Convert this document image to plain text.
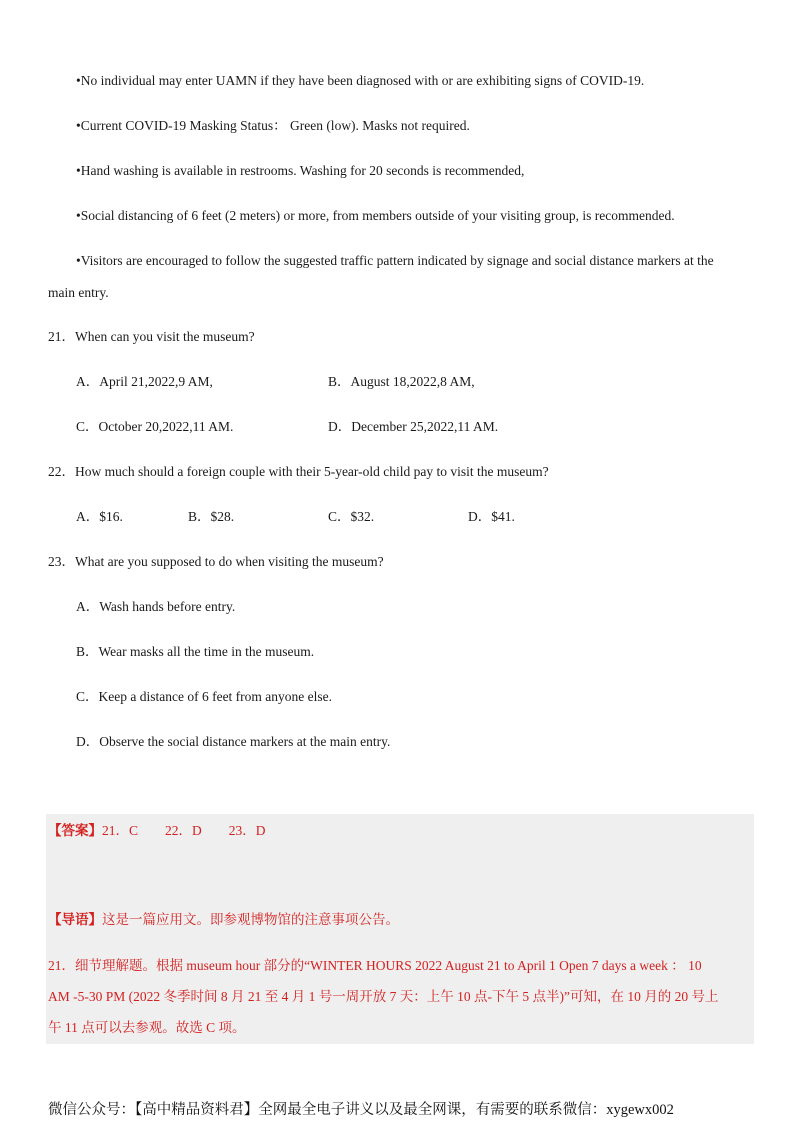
•No individual may enter UAMN if they have been diagnosed with or are exhibiting signs of COVID-19.
•Current COVID-19 Masking Status： Green (low). Masks not required.
•Hand washing is available in restrooms. Washing for 20 seconds is recommended,
•Social distancing of 6 feet (2 meters) or more, from members outside of your visiting group, is recommended.
•Visitors are encouraged to follow the suggested traffic pattern indicated by signage and social distance markers at the
main entry.
21．When can you visit the museum?
A．April 21,2022,9 AM,	B．August 18,2022,8 AM,
C．October 20,2022,11 AM.	D．December 25,2022,11 AM.
22．How much should a foreign couple with their 5-year-old child pay to visit the museum?
A．$16.	B．$28.	C．$32.	D．$41.
23．What are you supposed to do when visiting the museum?
A．Wash hands before entry.
B．Wear masks all the time in the museum.
C．Keep a distance of 6 feet from anyone else.
D．Observe the social distance markers at the main entry.
【答案】21．C        22．D        23．D
【导语】这是一篇应用文。即参观博物馆的注意事项公告。
21．细节理解题。根据 museum hour 部分的“WINTER HOURS 2022 August 21 to April 1 Open 7 days a week ： 10
AM -5-30 PM (2022 冬季时间 8 月 21 至 4 月 1 号一周开放 7 天：上午 10 点-下午 5 点半)”可知，在 10 月的 20 号上
午 11 点可以去参观。故选 C 项。
微信公众号：【高中精品资料君】全网最全电子讲义以及最全网课，有需要的联系微信：xygewx002
